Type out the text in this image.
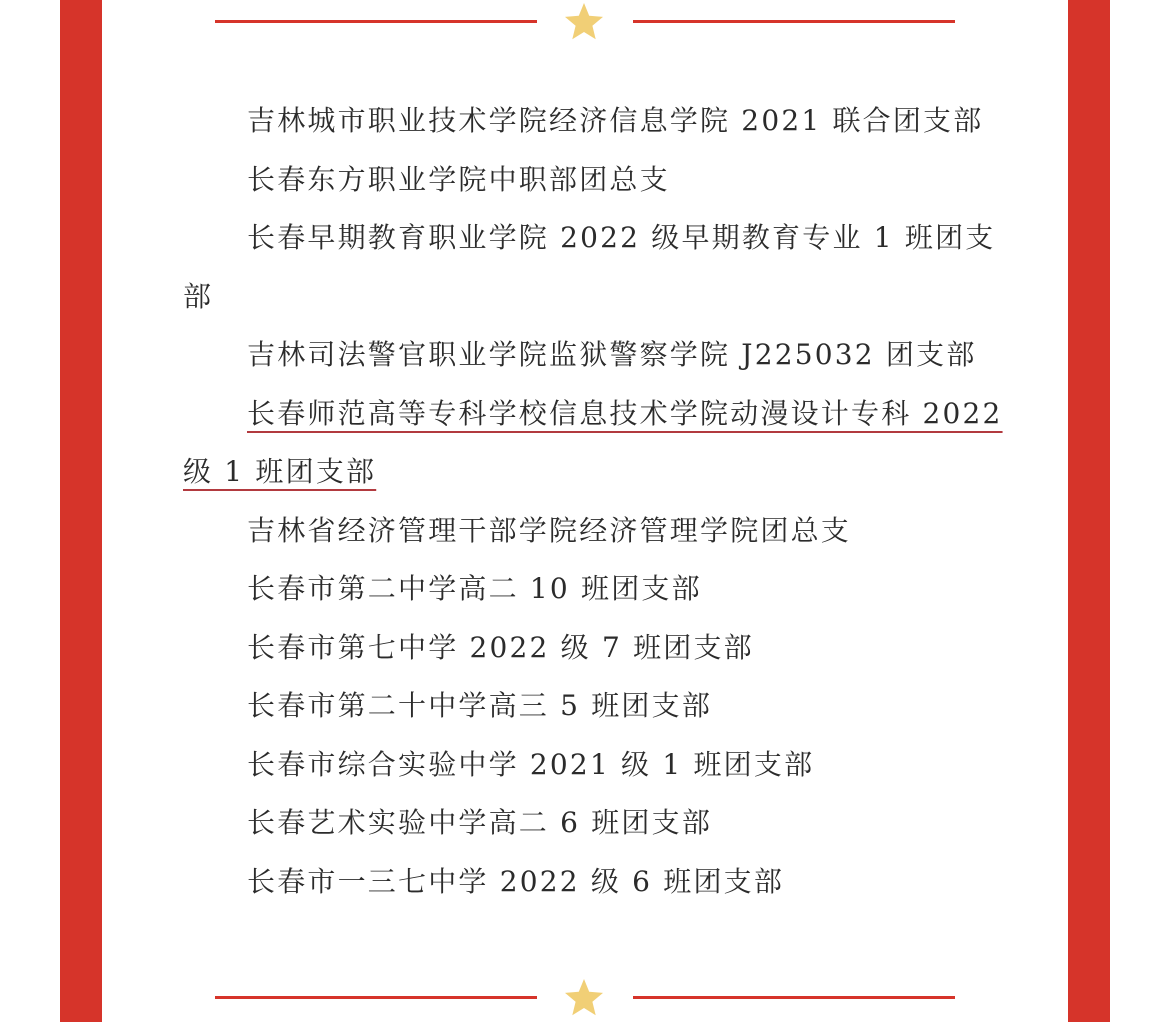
吉林城市职业技术学院经济信息学院 2021 联合团支部

长春东方职业学院中职部团总支

长春早期教育职业学院 2022 级早期教育专业 1 班团支部

吉林司法警官职业学院监狱警察学院 J225032 团支部

长春师范高等专科学校信息技术学院动漫设计专科 2022 级 1 班团支部

吉林省经济管理干部学院经济管理学院团总支

长春市第二中学高二 10 班团支部

长春市第七中学 2022 级 7 班团支部

长春市第二十中学高三 5 班团支部

长春市综合实验中学 2021 级 1 班团支部

长春艺术实验中学高二 6 班团支部

长春市一三七中学 2022 级 6 班团支部
